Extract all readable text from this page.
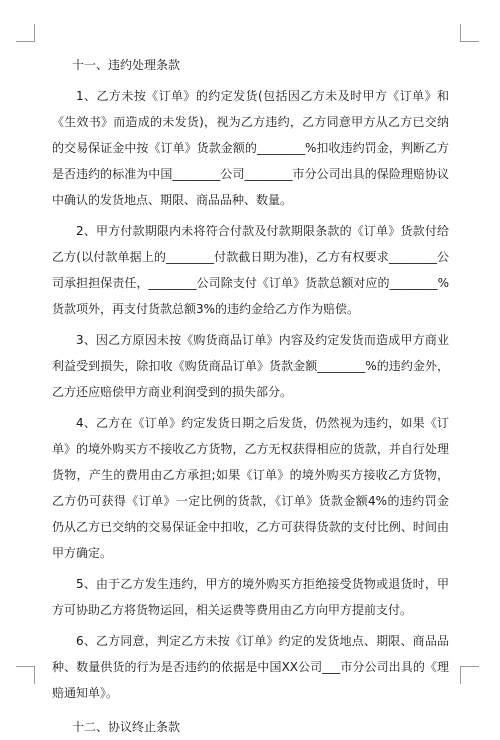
十一、违约处理条款

1、乙方未按《订单》的约定发货(包括因乙方未及时甲方《订单》和《生效书》而造成的未发货)，视为乙方违约，乙方同意甲方从乙方已交纳的交易保证金中按《订单》货款金额的________%扣收违约罚金，判断乙方是否违约的标准为中国________公司________市分公司出具的保险理赔协议中确认的发货地点、期限、商品品种、数量。

2、甲方付款期限内未将符合付款及付款期限条款的《订单》货款付给乙方(以付款单据上的________付款截日期为准)，乙方有权要求________公司承担担保责任，________公司除支付《订单》货款总额对应的________%货款项外，再支付货款总额3%的违约金给乙方作为赔偿。

3、因乙方原因未按《购货商品订单》内容及约定发货而造成甲方商业利益受到损失，除扣收《购货商品订单》货款金额________%的违约金外，乙方还应赔偿甲方商业利润受到的损失部分。

4、乙方在《订单》约定发货日期之后发货，仍然视为违约，如果《订单》的境外购买方不接收乙方货物，乙方无权获得相应的货款，并自行处理货物，产生的费用由乙方承担;如果《订单》的境外购买方接收乙方货物，乙方仍可获得《订单》一定比例的货款，《订单》货款金额4%的违约罚金仍从乙方已交纳的交易保证金中扣收，乙方可获得货款的支付比例、时间由甲方确定。

5、由于乙方发生违约，甲方的境外购买方拒绝接受货物或退货时，甲方可协助乙方将货物运回，相关运费等费用由乙方向甲方提前支付。

6、乙方同意，判定乙方未按《订单》约定的发货地点、期限、商品品种、数量供货的行为是否违约的依据是中国XX公司___市分公司出具的《理赔通知单》。

十二、协议终止条款
